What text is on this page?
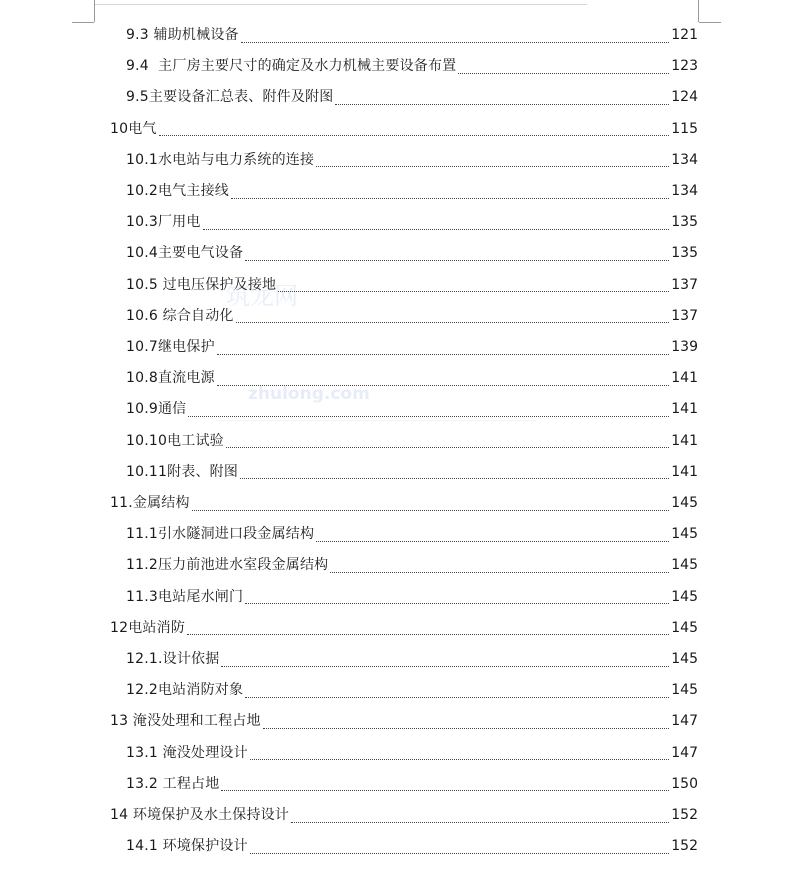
筑龙网
zhulong.com
9.3 辅助机械设备	121
9.4  主厂房主要尺寸的确定及水力机械主要设备布置	123
9.5主要设备汇总表、附件及附图	124
10电气	115
10.1水电站与电力系统的连接	134
10.2电气主接线	134
10.3厂用电	135
10.4主要电气设备	135
10.5 过电压保护及接地	137
10.6 综合自动化	137
10.7继电保护	139
10.8直流电源	141
10.9通信	141
10.10电工试验	141
10.11附表、附图	141
11.金属结构	145
11.1引水隧洞进口段金属结构	145
11.2压力前池进水室段金属结构	145
11.3电站尾水闸门	145
12电站消防	145
12.1.设计依据	145
12.2电站消防对象	145
13 淹没处理和工程占地	147
13.1 淹没处理设计	147
13.2 工程占地	150
14 环境保护及水土保持设计	152
14.1 环境保护设计	152
